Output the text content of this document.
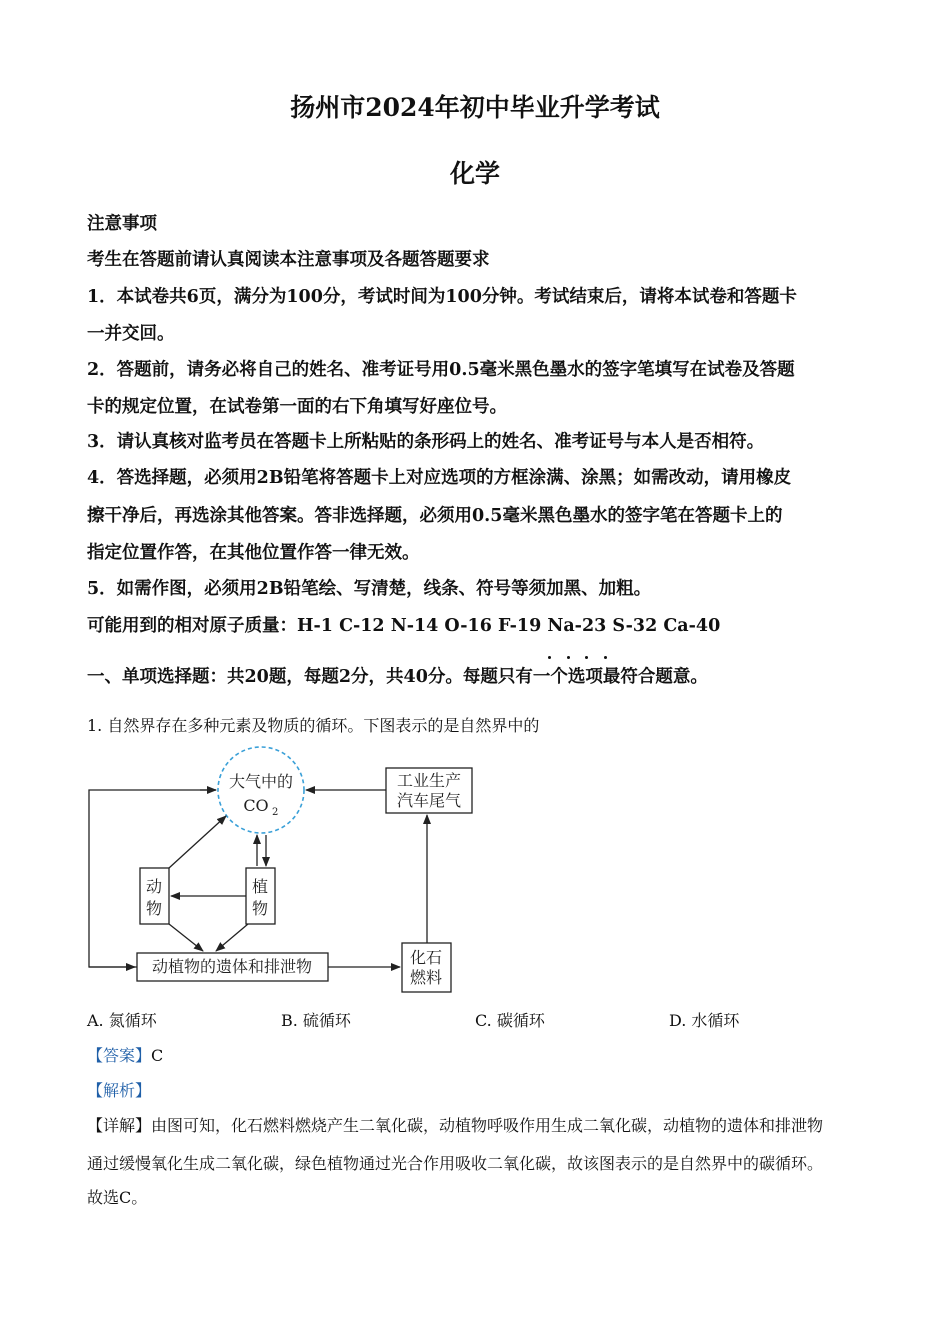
扬州市2024年初中毕业升学考试
化学
注意事项
考生在答题前请认真阅读本注意事项及各题答题要求
1．本试卷共6页，满分为100分，考试时间为100分钟。考试结束后，请将本试卷和答题卡
一并交回。
2．答题前，请务必将自己的姓名、准考证号用0.5毫米黑色墨水的签字笔填写在试卷及答题
卡的规定位置，在试卷第一面的右下角填写好座位号。
3．请认真核对监考员在答题卡上所粘贴的条形码上的姓名、准考证号与本人是否相符。
4．答选择题，必须用2B铅笔将答题卡上对应选项的方框涂满、涂黑；如需改动，请用橡皮
擦干净后，再选涂其他答案。答非选择题，必须用0.5毫米黑色墨水的签字笔在答题卡上的
指定位置作答，在其他位置作答一律无效。
5．如需作图，必须用2B铅笔绘、写清楚，线条、符号等须加黑、加粗。
可能用到的相对原子质量：H-1 C-12 N-14 O-16 F-19 Na-23 S-32 Ca-40
一、单项选择题：共20题，每题2分，共40分。每题只有一个选项最符合题意。
1. 自然界存在多种元素及物质的循环。下图表示的是自然界中的
大气中的
CO 2
工业生产
汽车尾气
动
物
植
物
动植物的遗体和排泄物	化石
燃料
A. 氮循环	B. 硫循环	C. 碳循环	D. 水循环
【答案】C
【解析】
【详解】由图可知，化石燃料燃烧产生二氧化碳，动植物呼吸作用生成二氧化碳，动植物的遗体和排泄物
通过缓慢氧化生成二氧化碳，绿色植物通过光合作用吸收二氧化碳，故该图表示的是自然界中的碳循环。
故选C。
